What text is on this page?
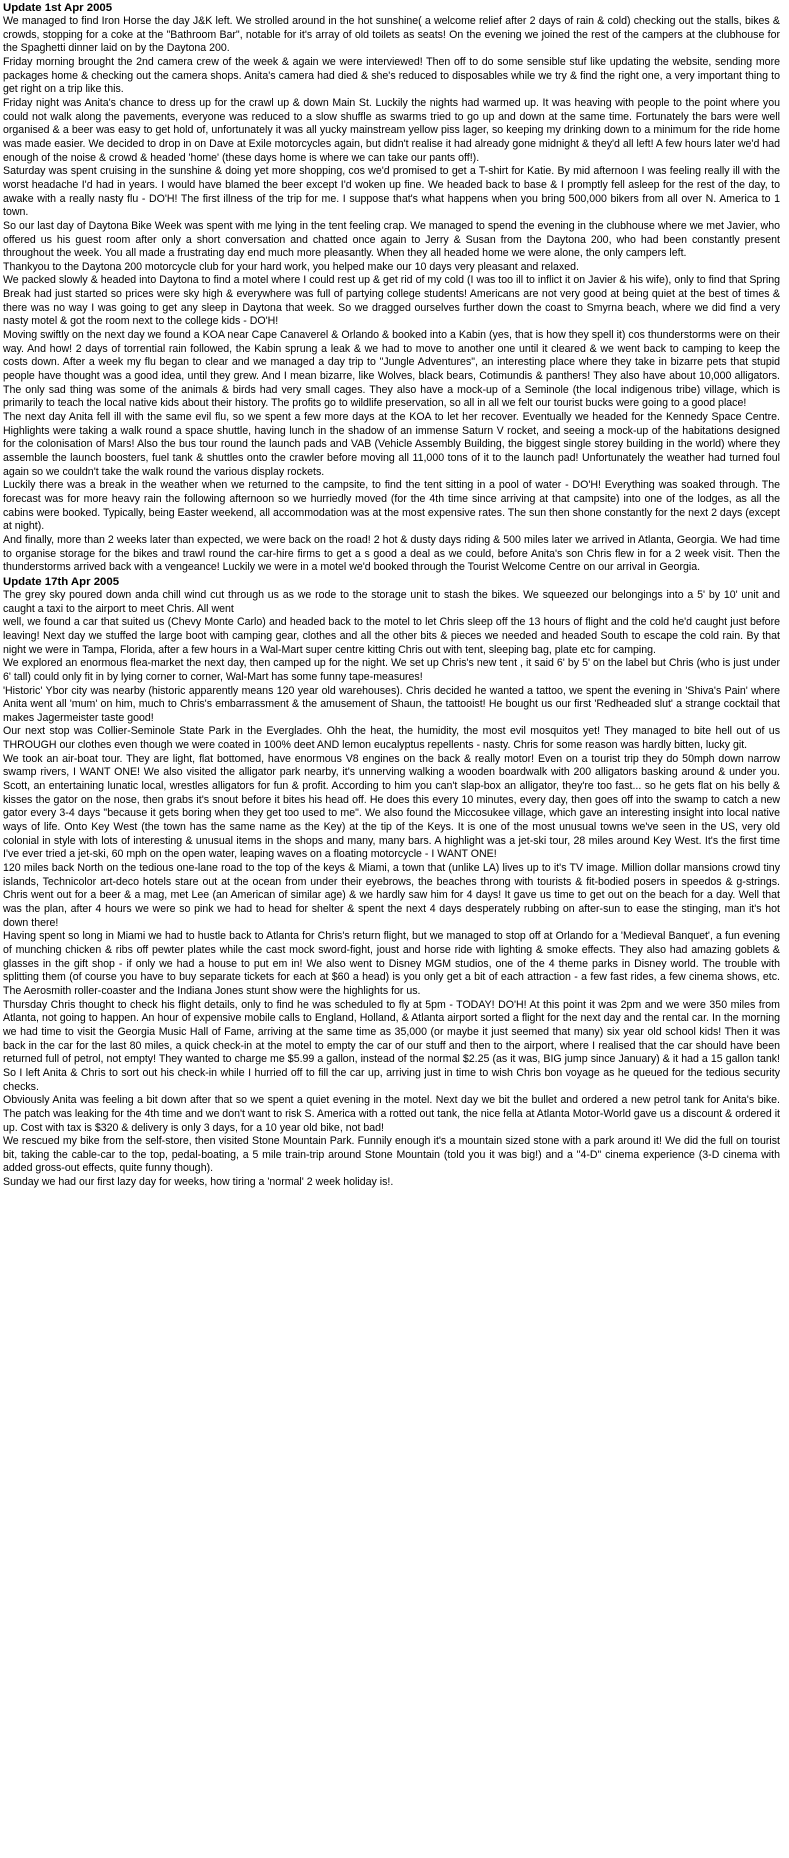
Update 1st Apr 2005

We managed to find Iron Horse the day J&K left. We strolled around in the hot sunshine( a welcome relief after 2 days of rain & cold) checking out the stalls, bikes & crowds, stopping for a coke at the "Bathroom Bar", notable for it's array of old toilets as seats! On the evening we joined the rest of the campers at the clubhouse for the Spaghetti dinner laid on by the Daytona 200.

Friday morning brought the 2nd camera crew of the week & again we were interviewed! Then off to do some sensible stuf like updating the website, sending more packages home & checking out the camera shops. Anita's camera had died & she's reduced to disposables while we try & find the right one, a very important thing to get right on a trip like this.

Friday night was Anita's chance to dress up for the crawl up & down Main St. Luckily the nights had warmed up. It was heaving with people to the point where you could not walk along the pavements, everyone was reduced to a slow shuffle as swarms tried to go up and down at the same time. Fortunately the bars were well organised & a beer was easy to get hold of, unfortunately it was all yucky mainstream yellow piss lager, so keeping my drinking down to a minimum for the ride home was made easier. We decided to drop in on Dave at Exile motorcycles again, but didn't realise it had already gone midnight & they'd all left! A few hours later we'd had enough of the noise & crowd & headed 'home' (these days home is where we can take our pants off!).

Saturday was spent cruising in the sunshine & doing yet more shopping, cos we'd promised to get a T-shirt for Katie. By mid afternoon I was feeling really ill with the worst headache I'd had in years. I would have blamed the beer except I'd woken up fine. We headed back to base & I promptly fell asleep for the rest of the day, to awake with a really nasty flu - DO'H! The first illness of the trip for me. I suppose that's what happens when you bring 500,000 bikers from all over N. America to 1 town.

So our last day of Daytona Bike Week was spent with me lying in the tent feeling crap. We managed to spend the evening in the clubhouse where we met Javier, who offered us his guest room after only a short conversation and chatted once again to Jerry & Susan from the Daytona 200, who had been constantly present throughout the week. You all made a frustrating day end much more pleasantly. When they all headed home we were alone, the only campers left.

Thankyou to the Daytona 200 motorcycle club for your hard work, you helped make our 10 days very pleasant and relaxed.

We packed slowly & headed into Daytona to find a motel where I could rest up & get rid of my cold (I was too ill to inflict it on Javier & his wife), only to find that Spring Break had just started so prices were sky high & everywhere was full of partying college students! Americans are not very good at being quiet at the best of times & there was no way I was going to get any sleep in Daytona that week. So we dragged ourselves further down the coast to Smyrna beach, where we did find a very nasty motel & got the room next to the college kids - DO'H!

Moving swiftly on the next day we found a KOA near Cape Canaverel & Orlando & booked into a Kabin (yes, that is how they spell it) cos thunderstorms were on their way. And how! 2 days of torrential rain followed, the Kabin sprung a leak & we had to move to another one until it cleared & we went back to camping to keep the costs down. After a week my flu began to clear and we managed a day trip to "Jungle Adventures", an interesting place where they take in bizarre pets that stupid people have thought was a good idea, until they grew. And I mean bizarre, like Wolves, black bears, Cotimundis & panthers! They also have about 10,000 alligators. The only sad thing was some of the animals & birds had very small cages. They also have a mock-up of a Seminole (the local indigenous tribe) village, which is primarily to teach the local native kids about their history. The profits go to wildlife preservation, so all in all we felt our tourist bucks were going to a good place!

The next day Anita fell ill with the same evil flu, so we spent a few more days at the KOA to let her recover. Eventually we headed for the Kennedy Space Centre. Highlights were taking a walk round a space shuttle, having lunch in the shadow of an immense Saturn V rocket, and seeing a mock-up of the habitations designed for the colonisation of Mars! Also the bus tour round the launch pads and VAB (Vehicle Assembly Building, the biggest single storey building in the world) where they assemble the launch boosters, fuel tank & shuttles onto the crawler before moving all 11,000 tons of it to the launch pad! Unfortunately the weather had turned foul again so we couldn't take the walk round the various display rockets.

Luckily there was a break in the weather when we returned to the campsite, to find the tent sitting in a pool of water - DO'H! Everything was soaked through. The forecast was for more heavy rain the following afternoon so we hurriedly moved (for the 4th time since arriving at that campsite) into one of the lodges, as all the cabins were booked. Typically, being Easter weekend, all accommodation was at the most expensive rates. The sun then shone constantly for the next 2 days (except at night).

And finally, more than 2 weeks later than expected, we were back on the road! 2 hot & dusty days riding & 500 miles later we arrived in Atlanta, Georgia. We had time to organise storage for the bikes and trawl round the car-hire firms to get a s good a deal as we could, before Anita's son Chris flew in for a 2 week visit. Then the thunderstorms arrived back with a vengeance! Luckily we were in a motel we'd booked through the Tourist Welcome Centre on our arrival in Georgia.

Update 17th Apr 2005

The grey sky poured down anda chill wind cut through us as we rode to the storage unit to stash the bikes. We squeezed our belongings into a 5' by 10' unit and caught a taxi to the airport to meet Chris. All went

well, we found a car that suited us (Chevy Monte Carlo) and headed back to the motel to let Chris sleep off the 13 hours of flight and the cold he'd caught just before leaving! Next day we stuffed the large boot with camping gear, clothes and all the other bits & pieces we needed and headed South to escape the cold rain. By that night we were in Tampa, Florida, after a few hours in a Wal-Mart super centre kitting Chris out with tent, sleeping bag, plate etc for camping.

We explored an enormous flea-market the next day, then camped up for the night. We set up Chris's new tent , it said 6' by 5' on the label but Chris (who is just under 6' tall) could only fit in by lying corner to corner, Wal-Mart has some funny tape-measures!

'Historic' Ybor city was nearby (historic apparently means 120 year old warehouses). Chris decided he wanted a tattoo, we spent the evening in 'Shiva's Pain' where Anita went all 'mum' on him, much to Chris's embarrassment & the amusement of Shaun, the tattooist! He bought us our first 'Redheaded slut' a strange cocktail that makes Jagermeister taste good!

Our next stop was Collier-Seminole State Park in the Everglades. Ohh the heat, the humidity, the most evil mosquitos yet! They managed to bite hell out of us THROUGH our clothes even though we were coated in 100% deet AND lemon eucalyptus repellents - nasty. Chris for some reason was hardly bitten, lucky git.

We took an air-boat tour. They are light, flat bottomed, have enormous V8 engines on the back & really motor! Even on a tourist trip they do 50mph down narrow swamp rivers, I WANT ONE! We also visited the alligator park nearby, it's unnerving walking a wooden boardwalk with 200 alligators basking around & under you. Scott, an entertaining lunatic local, wrestles alligators for fun & profit. According to him you can't slap-box an alligator, they're too fast... so he gets flat on his belly & kisses the gator on the nose, then grabs it's snout before it bites his head off. He does this every 10 minutes, every day, then goes off into the swamp to catch a new gator every 3-4 days "because it gets boring when they get too used to me". We also found the Miccosukee village, which gave an interesting insight into local native ways of life. Onto Key West (the town has the same name as the Key) at the tip of the Keys. It is one of the most unusual towns we've seen in the US, very old colonial in style with lots of interesting & unusual items in the shops and many, many bars. A highlight was a jet-ski tour, 28 miles around Key West. It's the first time I've ever tried a jet-ski, 60 mph on the open water, leaping waves on a floating motorcycle - I WANT ONE!

120 miles back North on the tedious one-lane road to the top of the keys & Miami, a town that (unlike LA) lives up to it's TV image. Million dollar mansions crowd tiny islands, Technicolor art-deco hotels stare out at the ocean from under their eyebrows, the beaches throng with tourists & fit-bodied posers in speedos & g-strings. Chris went out for a beer & a mag, met Lee (an American of similar age) & we hardly saw him for 4 days! It gave us time to get out on the beach for a day. Well that was the plan, after 4 hours we were so pink we had to head for shelter & spent the next 4 days desperately rubbing on after-sun to ease the stinging, man it's hot down there!

Having spent so long in Miami we had to hustle back to Atlanta for Chris's return flight, but we managed to stop off at Orlando for a 'Medieval Banquet', a fun evening of munching chicken & ribs off pewter plates while the cast mock sword-fight, joust and horse ride with lighting & smoke effects. They also had amazing goblets & glasses in the gift shop - if only we had a house to put em in! We also went to Disney MGM studios, one of the 4 theme parks in Disney world. The trouble with splitting them (of course you have to buy separate tickets for each at $60 a head) is you only get a bit of each attraction - a few fast rides, a few cinema shows, etc. The Aerosmith roller-coaster and the Indiana Jones stunt show were the highlights for us.

Thursday Chris thought to check his flight details, only to find he was scheduled to fly at 5pm - TODAY! DO'H! At this point it was 2pm and we were 350 miles from Atlanta, not going to happen. An hour of expensive mobile calls to England, Holland, & Atlanta airport sorted a flight for the next day and the rental car. In the morning we had time to visit the Georgia Music Hall of Fame, arriving at the same time as 35,000 (or maybe it just seemed that many) six year old school kids! Then it was back in the car for the last 80 miles, a quick check-in at the motel to empty the car of our stuff and then to the airport, where I realised that the car should have been returned full of petrol, not empty! They wanted to charge me $5.99 a gallon, instead of the normal $2.25 (as it was, BIG jump since January) & it had a 15 gallon tank! So I left Anita & Chris to sort out his check-in while I hurried off to fill the car up, arriving just in time to wish Chris bon voyage as he queued for the tedious security checks.

Obviously Anita was feeling a bit down after that so we spent a quiet evening in the motel. Next day we bit the bullet and ordered a new petrol tank for Anita's bike. The patch was leaking for the 4th time and we don't want to risk S. America with a rotted out tank, the nice fella at Atlanta Motor-World gave us a discount & ordered it up. Cost with tax is $320 & delivery is only 3 days, for a 10 year old bike, not bad!

We rescued my bike from the self-store, then visited Stone Mountain Park. Funnily enough it's a mountain sized stone with a park around it! We did the full on tourist bit, taking the cable-car to the top, pedal-boating, a 5 mile train-trip around Stone Mountain (told you it was big!) and a "4-D" cinema experience (3-D cinema with added gross-out effects, quite funny though).

Sunday we had our first lazy day for weeks, how tiring a 'normal' 2 week holiday is!.
